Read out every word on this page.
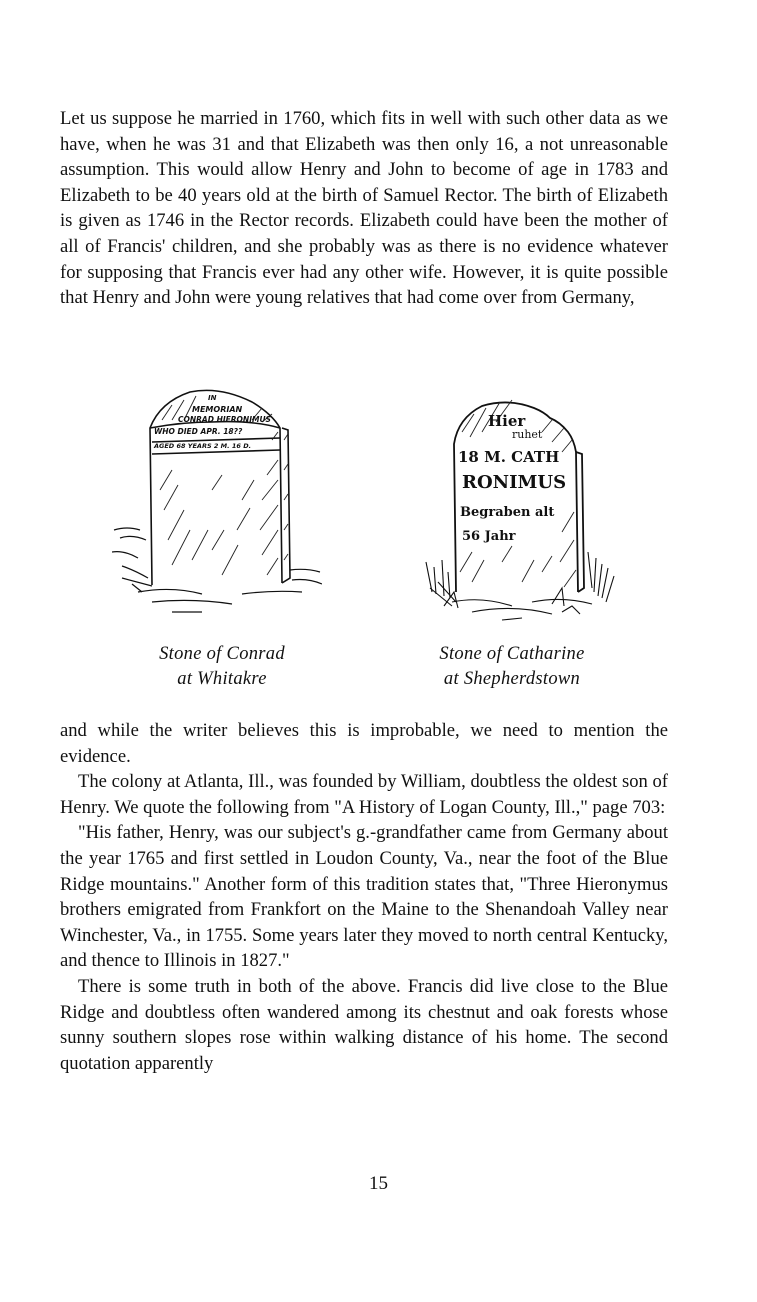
Let us suppose he married in 1760, which fits in well with such other data as we have, when he was 31 and that Elizabeth was then only 16, a not unreasonable assumption. This would allow Henry and John to become of age in 1783 and Elizabeth to be 40 years old at the birth of Samuel Rector. The birth of Elizabeth is given as 1746 in the Rector records. Elizabeth could have been the mother of all of Francis' children, and she probably was as there is no evidence whatever for supposing that Francis ever had any other wife. However, it is quite possible that Henry and John were young relatives that had come over from Germany,

IN
MEMORIAN
CONRAD HIERONIMUS
WHO DIED APR. 18??
AGED 68 YEARS 2 M. 16 D.
Hier
ruhet
18 M. CATH
RONIMUS
Begraben alt
56 Jahr
Stone of Conrad
at Whitakre
Stone of Catharine
at Shepherdstown

and while the writer believes this is improbable, we need to mention the evidence.

The colony at Atlanta, Ill., was founded by William, doubtless the oldest son of Henry. We quote the following from "A History of Logan County, Ill.," page 703:

"His father, Henry, was our subject's g.-grandfather came from Germany about the year 1765 and first settled in Loudon County, Va., near the foot of the Blue Ridge mountains." Another form of this tradition states that, "Three Hieronymus brothers emigrated from Frankfort on the Maine to the Shenandoah Valley near Winchester, Va., in 1755. Some years later they moved to north central Kentucky, and thence to Illinois in 1827."

There is some truth in both of the above. Francis did live close to the Blue Ridge and doubtless often wandered among its chestnut and oak forests whose sunny southern slopes rose within walking distance of his home. The second quotation apparently

15
